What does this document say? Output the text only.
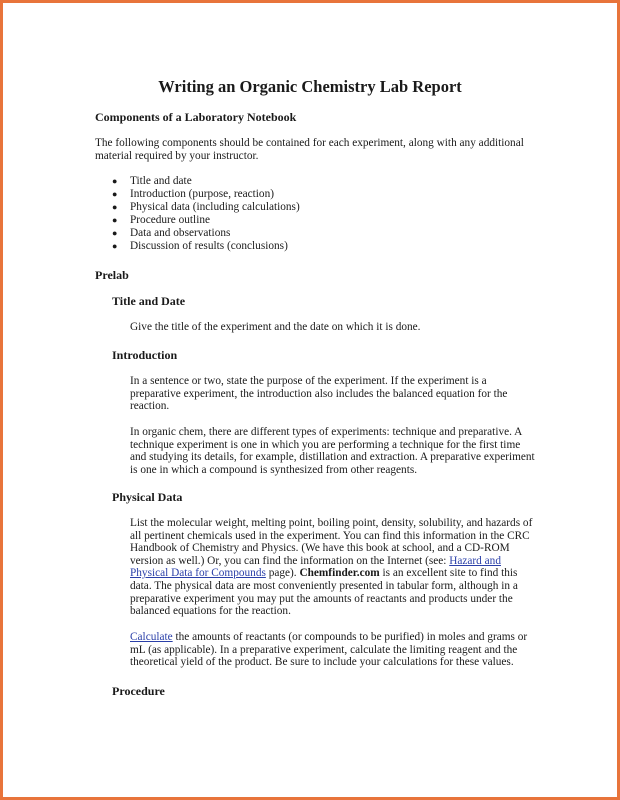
Writing an Organic Chemistry Lab Report
Components of a Laboratory Notebook
The following components should be contained for each experiment, along with any additional
material required by your instructor.
● Title and date
● Introduction (purpose, reaction)
● Physical data (including calculations)
● Procedure outline
● Data and observations
● Discussion of results (conclusions)
Prelab
Title and Date
Give the title of the experiment and the date on which it is done.
Introduction
In a sentence or two, state the purpose of the experiment. If the experiment is a
preparative experiment, the introduction also includes the balanced equation for the
reaction.
In organic chem, there are different types of experiments: technique and preparative. A
technique experiment is one in which you are performing a technique for the first time
and studying its details, for example, distillation and extraction. A preparative experiment
is one in which a compound is synthesized from other reagents.
Physical Data
List the molecular weight, melting point, boiling point, density, solubility, and hazards of
all pertinent chemicals used in the experiment. You can find this information in the CRC
Handbook of Chemistry and Physics. (We have this book at school, and a CD-ROM
version as well.) Or, you can find the information on the Internet (see: Hazard and
Physical Data for Compounds page). Chemfinder.com is an excellent site to find this
data. The physical data are most conveniently presented in tabular form, although in a
preparative experiment you may put the amounts of reactants and products under the
balanced equations for the reaction.
Calculate the amounts of reactants (or compounds to be purified) in moles and grams or
mL (as applicable). In a preparative experiment, calculate the limiting reagent and the
theoretical yield of the product. Be sure to include your calculations for these values.
Procedure
